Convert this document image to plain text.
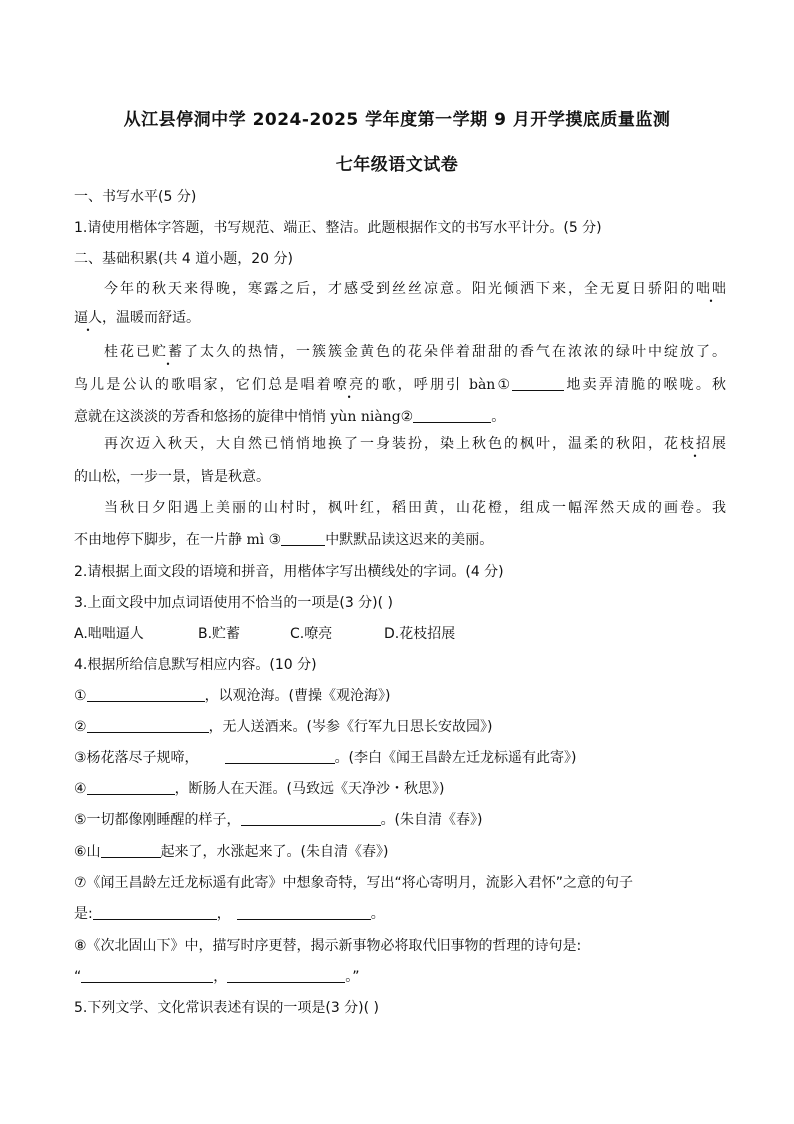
从江县停洞中学 2024-2025 学年度第一学期 9 月开学摸底质量监测
七年级语文试卷
一、书写水平(5 分)
1.请使用楷体字答题，书写规范、端正、整洁。此题根据作文的书写水平计分。(5 分)
二、基础积累(共 4 道小题，20 分)
今年的秋天来得晚，寒露之后，才感受到丝丝凉意。阳光倾洒下来，全无夏日骄阳的咄咄
逼人，温暖而舒适。
桂花已贮蓄了太久的热情，一簇簇金黄色的花朵伴着甜甜的香气在浓浓的绿叶中绽放了。
鸟儿是公认的歌唱家，它们总是唱着嘹亮的歌，呼朋引 bàn①	地卖弄清脆的喉咙。秋
意就在这淡淡的芳香和悠扬的旋律中悄悄 yùn niàng②	。
再次迈入秋天，大自然已悄悄地换了一身装扮，染上秋色的枫叶，温柔的秋阳，花枝招展
的山松，一步一景，皆是秋意。
当秋日夕阳遇上美丽的山村时，枫叶红，稻田黄，山花橙，组成一幅浑然天成的画卷。我
不由地停下脚步，在一片静 mì ③	中默默品读这迟来的美丽。
2.请根据上面文段的语境和拼音，用楷体字写出横线处的字词。(4 分)
3.上面文段中加点词语使用不恰当的一项是(3 分)( )
A.咄咄逼人	B.贮蓄	C.嘹亮	D.花枝招展
4.根据所给信息默写相应内容。(10 分)
①	，以观沧海。(曹操《观沧海》)
②	，无人送酒来。(岑参《行军九日思长安故园》)
③杨花落尽子规啼，	。(李白《闻王昌龄左迁龙标遥有此寄》)
④	，断肠人在天涯。(马致远《天净沙・秋思》)
⑤一切都像刚睡醒的样子，	。(朱自清《春》)
⑥山	起来了，水涨起来了。(朱自清《春》)
⑦《闻王昌龄左迁龙标遥有此寄》中想象奇特，写出“将心寄明月，流影入君怀”之意的句子
是:	，	。
⑧《次北固山下》中，描写时序更替，揭示新事物必将取代旧事物的哲理的诗句是:
“	，	。”
5.下列文学、文化常识表述有误的一项是(3 分)( )
